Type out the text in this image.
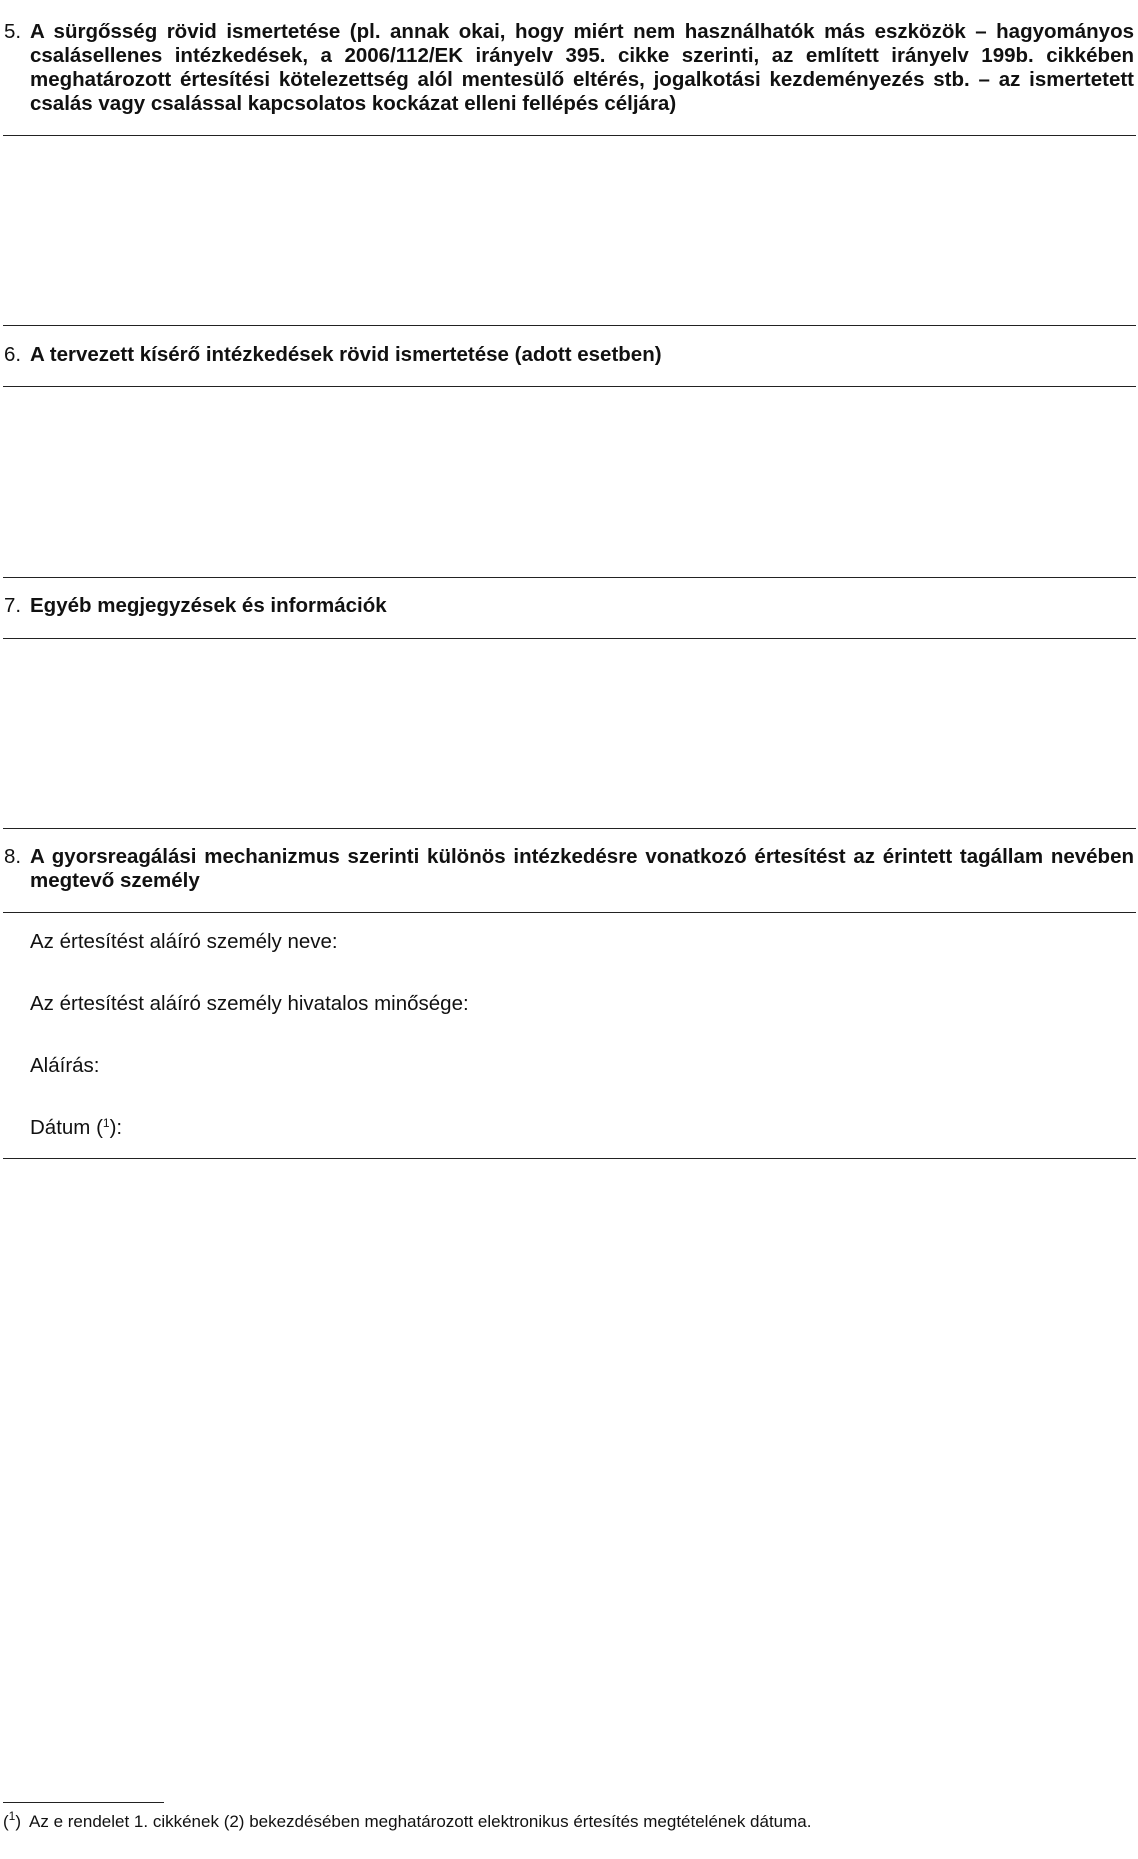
5. A sürgősség rövid ismertetése (pl. annak okai, hogy miért nem használhatók más eszközök – hagyományos csalásellenes intézkedések, a 2006/112/EK irányelv 395. cikke szerinti, az említett irányelv 199b. cikkében meghatározott értesítési kötelezettség alól mentesülő eltérés, jogalkotási kezdeményezés stb. – az ismertetett csalás vagy csalással kapcsolatos kockázat elleni fellépés céljára)
6. A tervezett kísérő intézkedések rövid ismertetése (adott esetben)
7. Egyéb megjegyzések és információk
8. A gyorsreagálási mechanizmus szerinti különös intézkedésre vonatkozó értesítést az érintett tagállam nevében megtevő személy
Az értesítést aláíró személy neve:
Az értesítést aláíró személy hivatalos minősége:
Aláírás:
Dátum ($^1$):
($^1$) Az e rendelet 1. cikkének (2) bekezdésében meghatározott elektronikus értesítés megtételének dátuma.
